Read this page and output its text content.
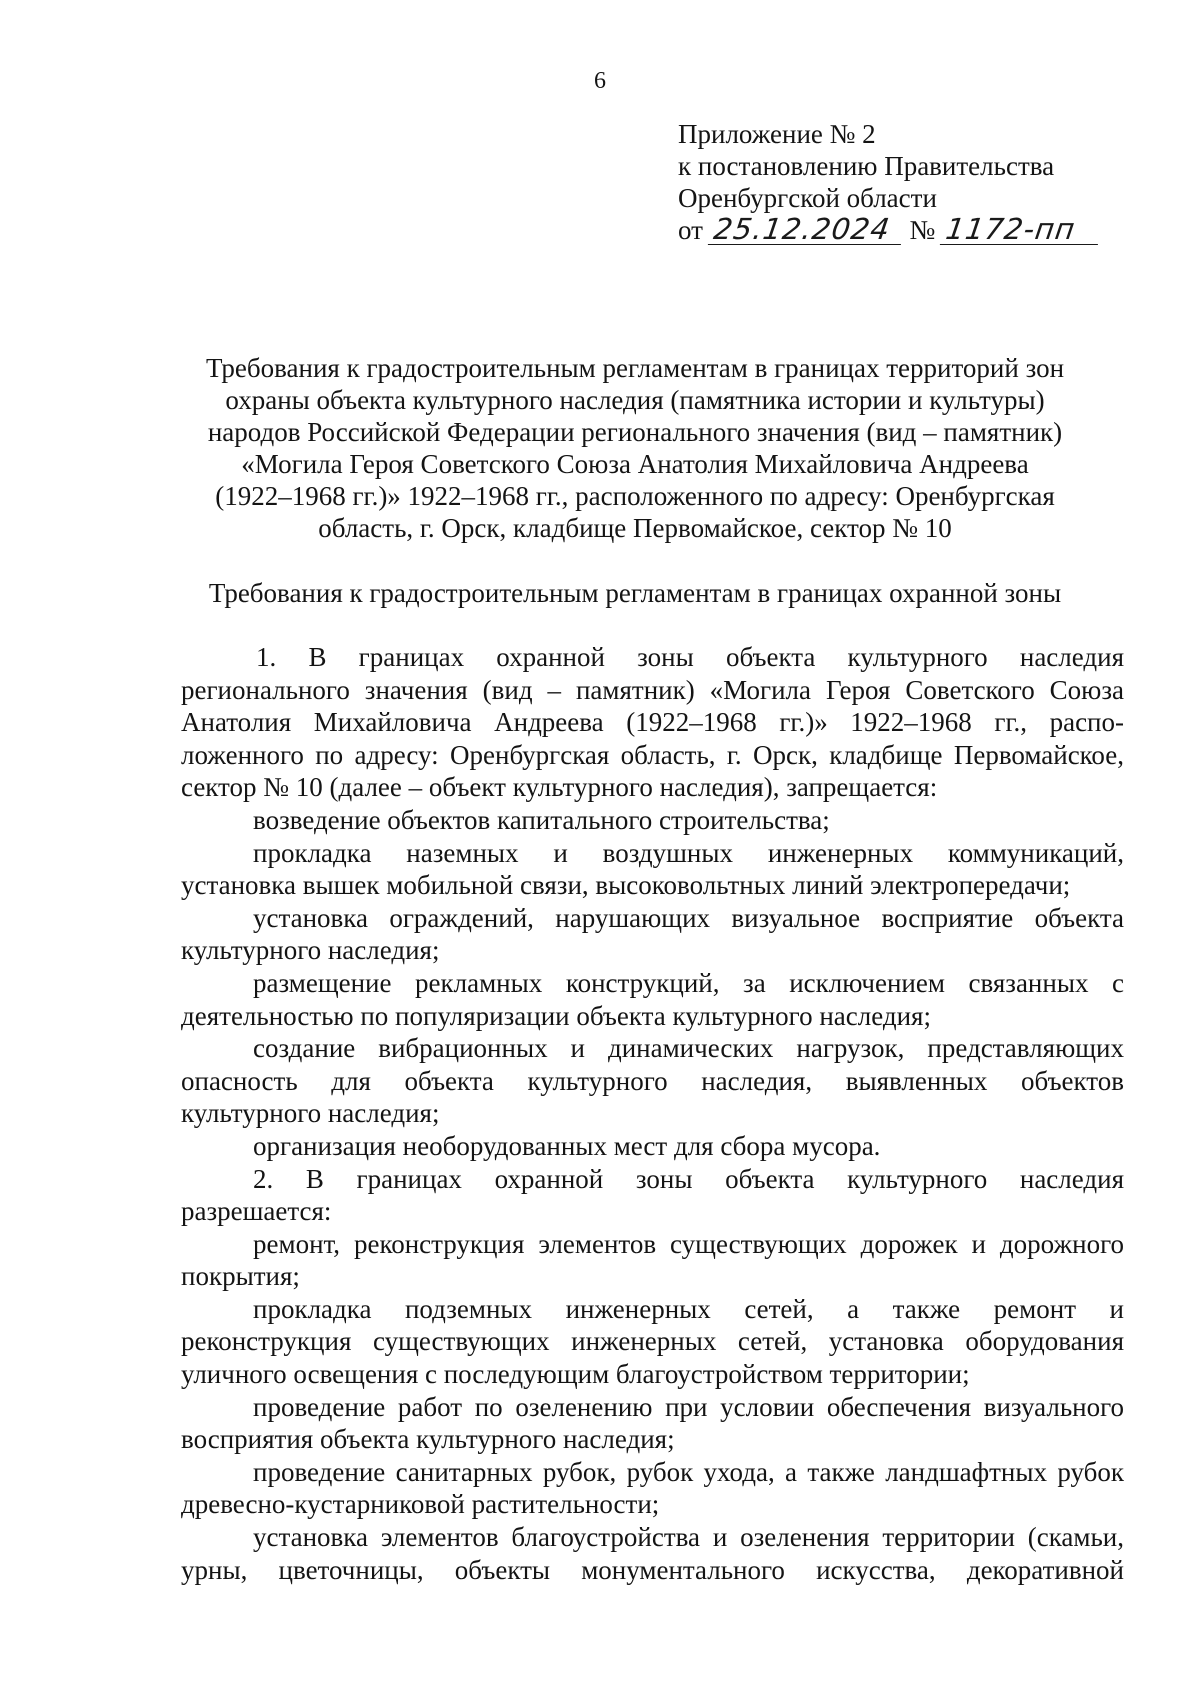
6
Приложение № 2
к постановлению Правительства
Оренбургской области
от 25.12.2024 № 1172-пп
Требования к градостроительным регламентам в границах территорий зон
охраны объекта культурного наследия (памятника истории и культуры)
народов Российской Федерации регионального значения (вид – памятник)
«Могила Героя Советского Союза Анатолия Михайловича Андреева
(1922–1968 гг.)» 1922–1968 гг., расположенного по адресу: Оренбургская
область, г. Орск, кладбище Первомайское, сектор № 10
Требования к градостроительным регламентам в границах охранной зоны
1. В границах охранной зоны объекта культурного наследия
регионального значения (вид – памятник) «Могила Героя Советского Союза
Анатолия Михайловича Андреева (1922–1968 гг.)» 1922–1968 гг., распо-
ложенного по адресу: Оренбургская область, г. Орск, кладбище Первомайское,
сектор № 10 (далее – объект культурного наследия), запрещается:
возведение объектов капитального строительства;
прокладка наземных и воздушных инженерных коммуникаций,
установка вышек мобильной связи, высоковольтных линий электропередачи;
установка ограждений, нарушающих визуальное восприятие объекта
культурного наследия;
размещение рекламных конструкций, за исключением связанных с
деятельностью по популяризации объекта культурного наследия;
создание вибрационных и динамических нагрузок, представляющих
опасность для объекта культурного наследия, выявленных объектов
культурного наследия;
организация необорудованных мест для сбора мусора.
2. В границах охранной зоны объекта культурного наследия
разрешается:
ремонт, реконструкция элементов существующих дорожек и дорожного
покрытия;
прокладка подземных инженерных сетей, а также ремонт и
реконструкция существующих инженерных сетей, установка оборудования
уличного освещения с последующим благоустройством территории;
проведение работ по озеленению при условии обеспечения визуального
восприятия объекта культурного наследия;
проведение санитарных рубок, рубок ухода, а также ландшафтных рубок
древесно-кустарниковой растительности;
установка элементов благоустройства и озеленения территории (скамьи,
урны, цветочницы, объекты монументального искусства, декоративной
